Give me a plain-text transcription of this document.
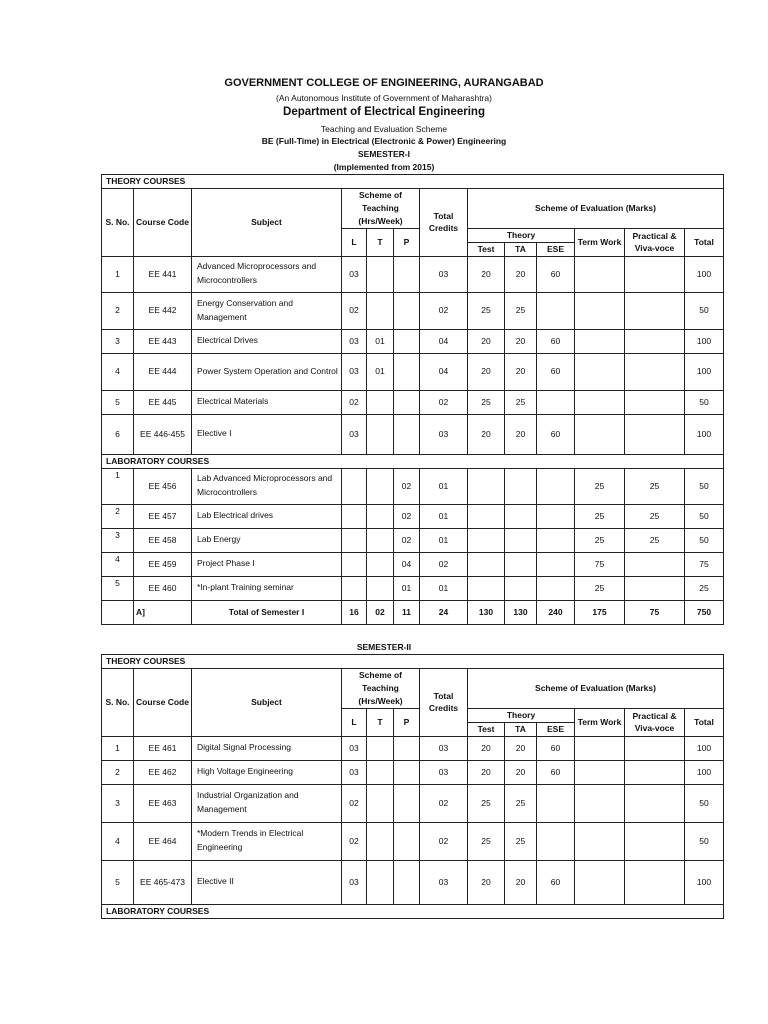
GOVERNMENT COLLEGE OF ENGINEERING, AURANGABAD
(An Autonomous Institute of Government of Maharashtra)
Department of Electrical Engineering
Teaching and Evaluation Scheme
BE (Full-Time) in Electrical (Electronic & Power) Engineering
SEMESTER-I
(Implemented from 2015)
THEORY COURSES												
S. No.	Course Code	Subject	Scheme of Teaching (Hrs/Week)			Total Credits	Scheme of Evaluation (Marks)					
			L	T	P		Theory			Term Work	Practical & Viva-voce	Total
							Test	TA	ESE			
1	EE 441	Advanced Microprocessors and Microcontrollers	03			03	20	20	60			100
2	EE 442	Energy Conservation and Management	02			02	25	25				50
3	EE 443	Electrical Drives	03	01		04	20	20	60			100
4	EE 444	Power System Operation and Control	03	01		04	20	20	60			100
5	EE 445	Electrical Materials	02			02	25	25				50
6	EE 446-455	Elective I	03			03	20	20	60			100
LABORATORY COURSES												
1	EE 456	Lab Advanced Microprocessors and Microcontrollers			02	01				25	25	50
2	EE 457	Lab Electrical drives			02	01				25	25	50
3	EE 458	Lab Energy			02	01				25	25	50
4	EE 459	Project Phase I			04	02				75		75
5	EE 460	*In-plant Training seminar			01	01				25		25
	A]	Total of Semester I	16	02	11	24	130	130	240	175	75	750
SEMESTER-II
THEORY COURSES												
S. No.	Course Code	Subject	Scheme of Teaching (Hrs/Week)			Total Credits	Scheme of Evaluation (Marks)					
			L	T	P		Theory			Term Work	Practical & Viva-voce	Total
							Test	TA	ESE			
1	EE 461	Digital Signal Processing	03			03	20	20	60			100
2	EE 462	High Voltage Engineering	03			03	20	20	60			100
3	EE 463	Industrial Organization and Management	02			02	25	25				50
4	EE 464	*Modern Trends in Electrical Engineering	02			02	25	25				50
5	EE 465-473	Elective II	03			03	20	20	60			100
LABORATORY COURSES												
